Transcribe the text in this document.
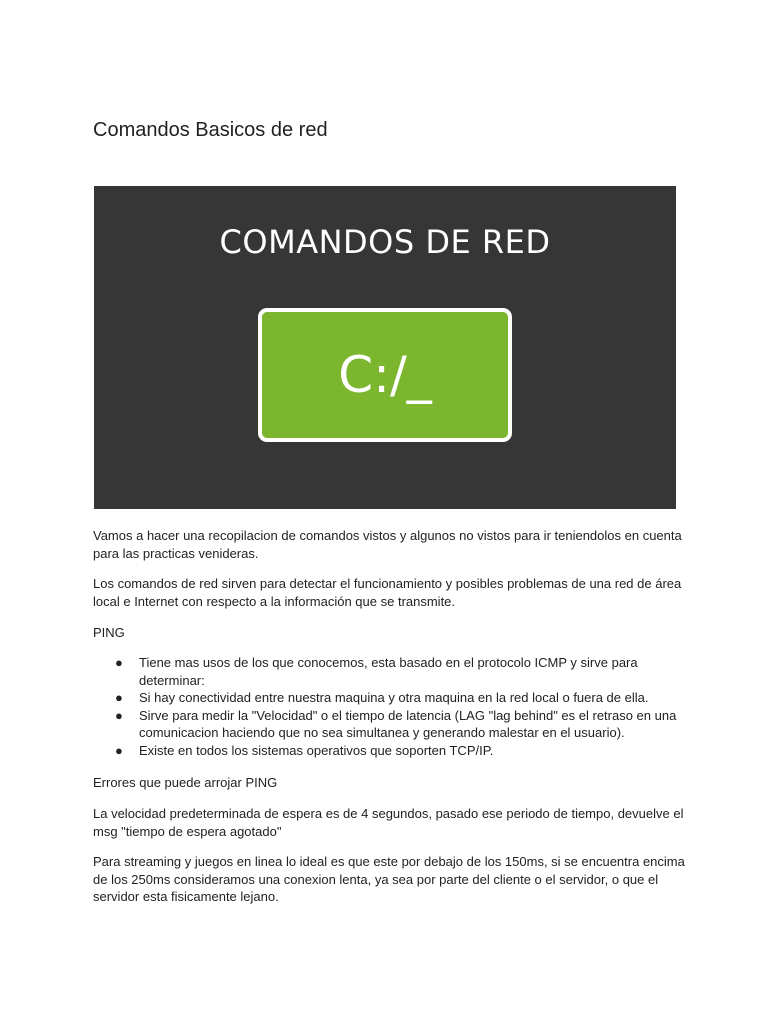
Comandos Basicos de red
COMANDOS DE RED
C:/_

Vamos a hacer una recopilacion de comandos vistos y algunos no vistos para ir teniendolos en cuenta para las practicas venideras.

Los comandos de red sirven para detectar el funcionamiento y posibles problemas de una red de área local e Internet con respecto a la información que se transmite.

PING

● Tiene mas usos de los que conocemos, esta basado en el protocolo ICMP y sirve para determinar:
● Si hay conectividad entre nuestra maquina y otra maquina en la red local o fuera de ella.
● Sirve para medir la "Velocidad" o el tiempo de latencia (LAG "lag behind" es el retraso en una comunicacion haciendo que no sea simultanea y generando malestar en el usuario).
● Existe en todos los sistemas operativos que soporten TCP/IP.

Errores que puede arrojar PING

La velocidad predeterminada de espera es de 4 segundos, pasado ese periodo de tiempo, devuelve el msg "tiempo de espera agotado"

Para streaming y juegos en linea lo ideal es que este por debajo de los 150ms, si se encuentra encima de los 250ms consideramos una conexion lenta, ya sea por parte del cliente o el servidor, o que el servidor esta fisicamente lejano.
